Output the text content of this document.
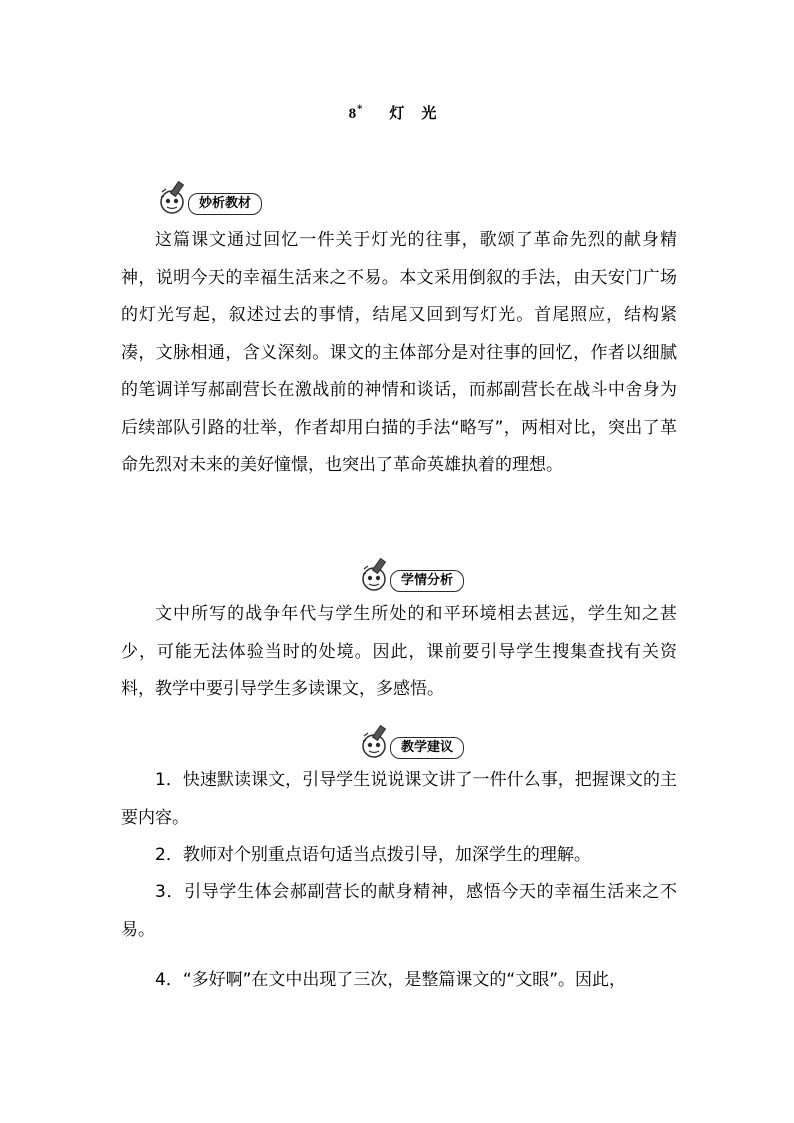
8* 灯 光
妙析教材

这篇课文通过回忆一件关于灯光的往事，歌颂了革命先烈的献身精神，说明今天的幸福生活来之不易。本文采用倒叙的手法，由天安门广场的灯光写起，叙述过去的事情，结尾又回到写灯光。首尾照应，结构紧凑，文脉相通，含义深刻。课文的主体部分是对往事的回忆，作者以细腻的笔调详写郝副营长在激战前的神情和谈话，而郝副营长在战斗中舍身为后续部队引路的壮举，作者却用白描的手法“略写”，两相对比，突出了革命先烈对未来的美好憧憬，也突出了革命英雄执着的理想。

学情分析

文中所写的战争年代与学生所处的和平环境相去甚远，学生知之甚少，可能无法体验当时的处境。因此，课前要引导学生搜集查找有关资料，教学中要引导学生多读课文，多感悟。

教学建议

1．快速默读课文，引导学生说说课文讲了一件什么事，把握课文的主要内容。

2．教师对个别重点语句适当点拨引导，加深学生的理解。

3．引导学生体会郝副营长的献身精神，感悟今天的幸福生活来之不易。

4．“多好啊”在文中出现了三次，是整篇课文的“文眼”。因此，
